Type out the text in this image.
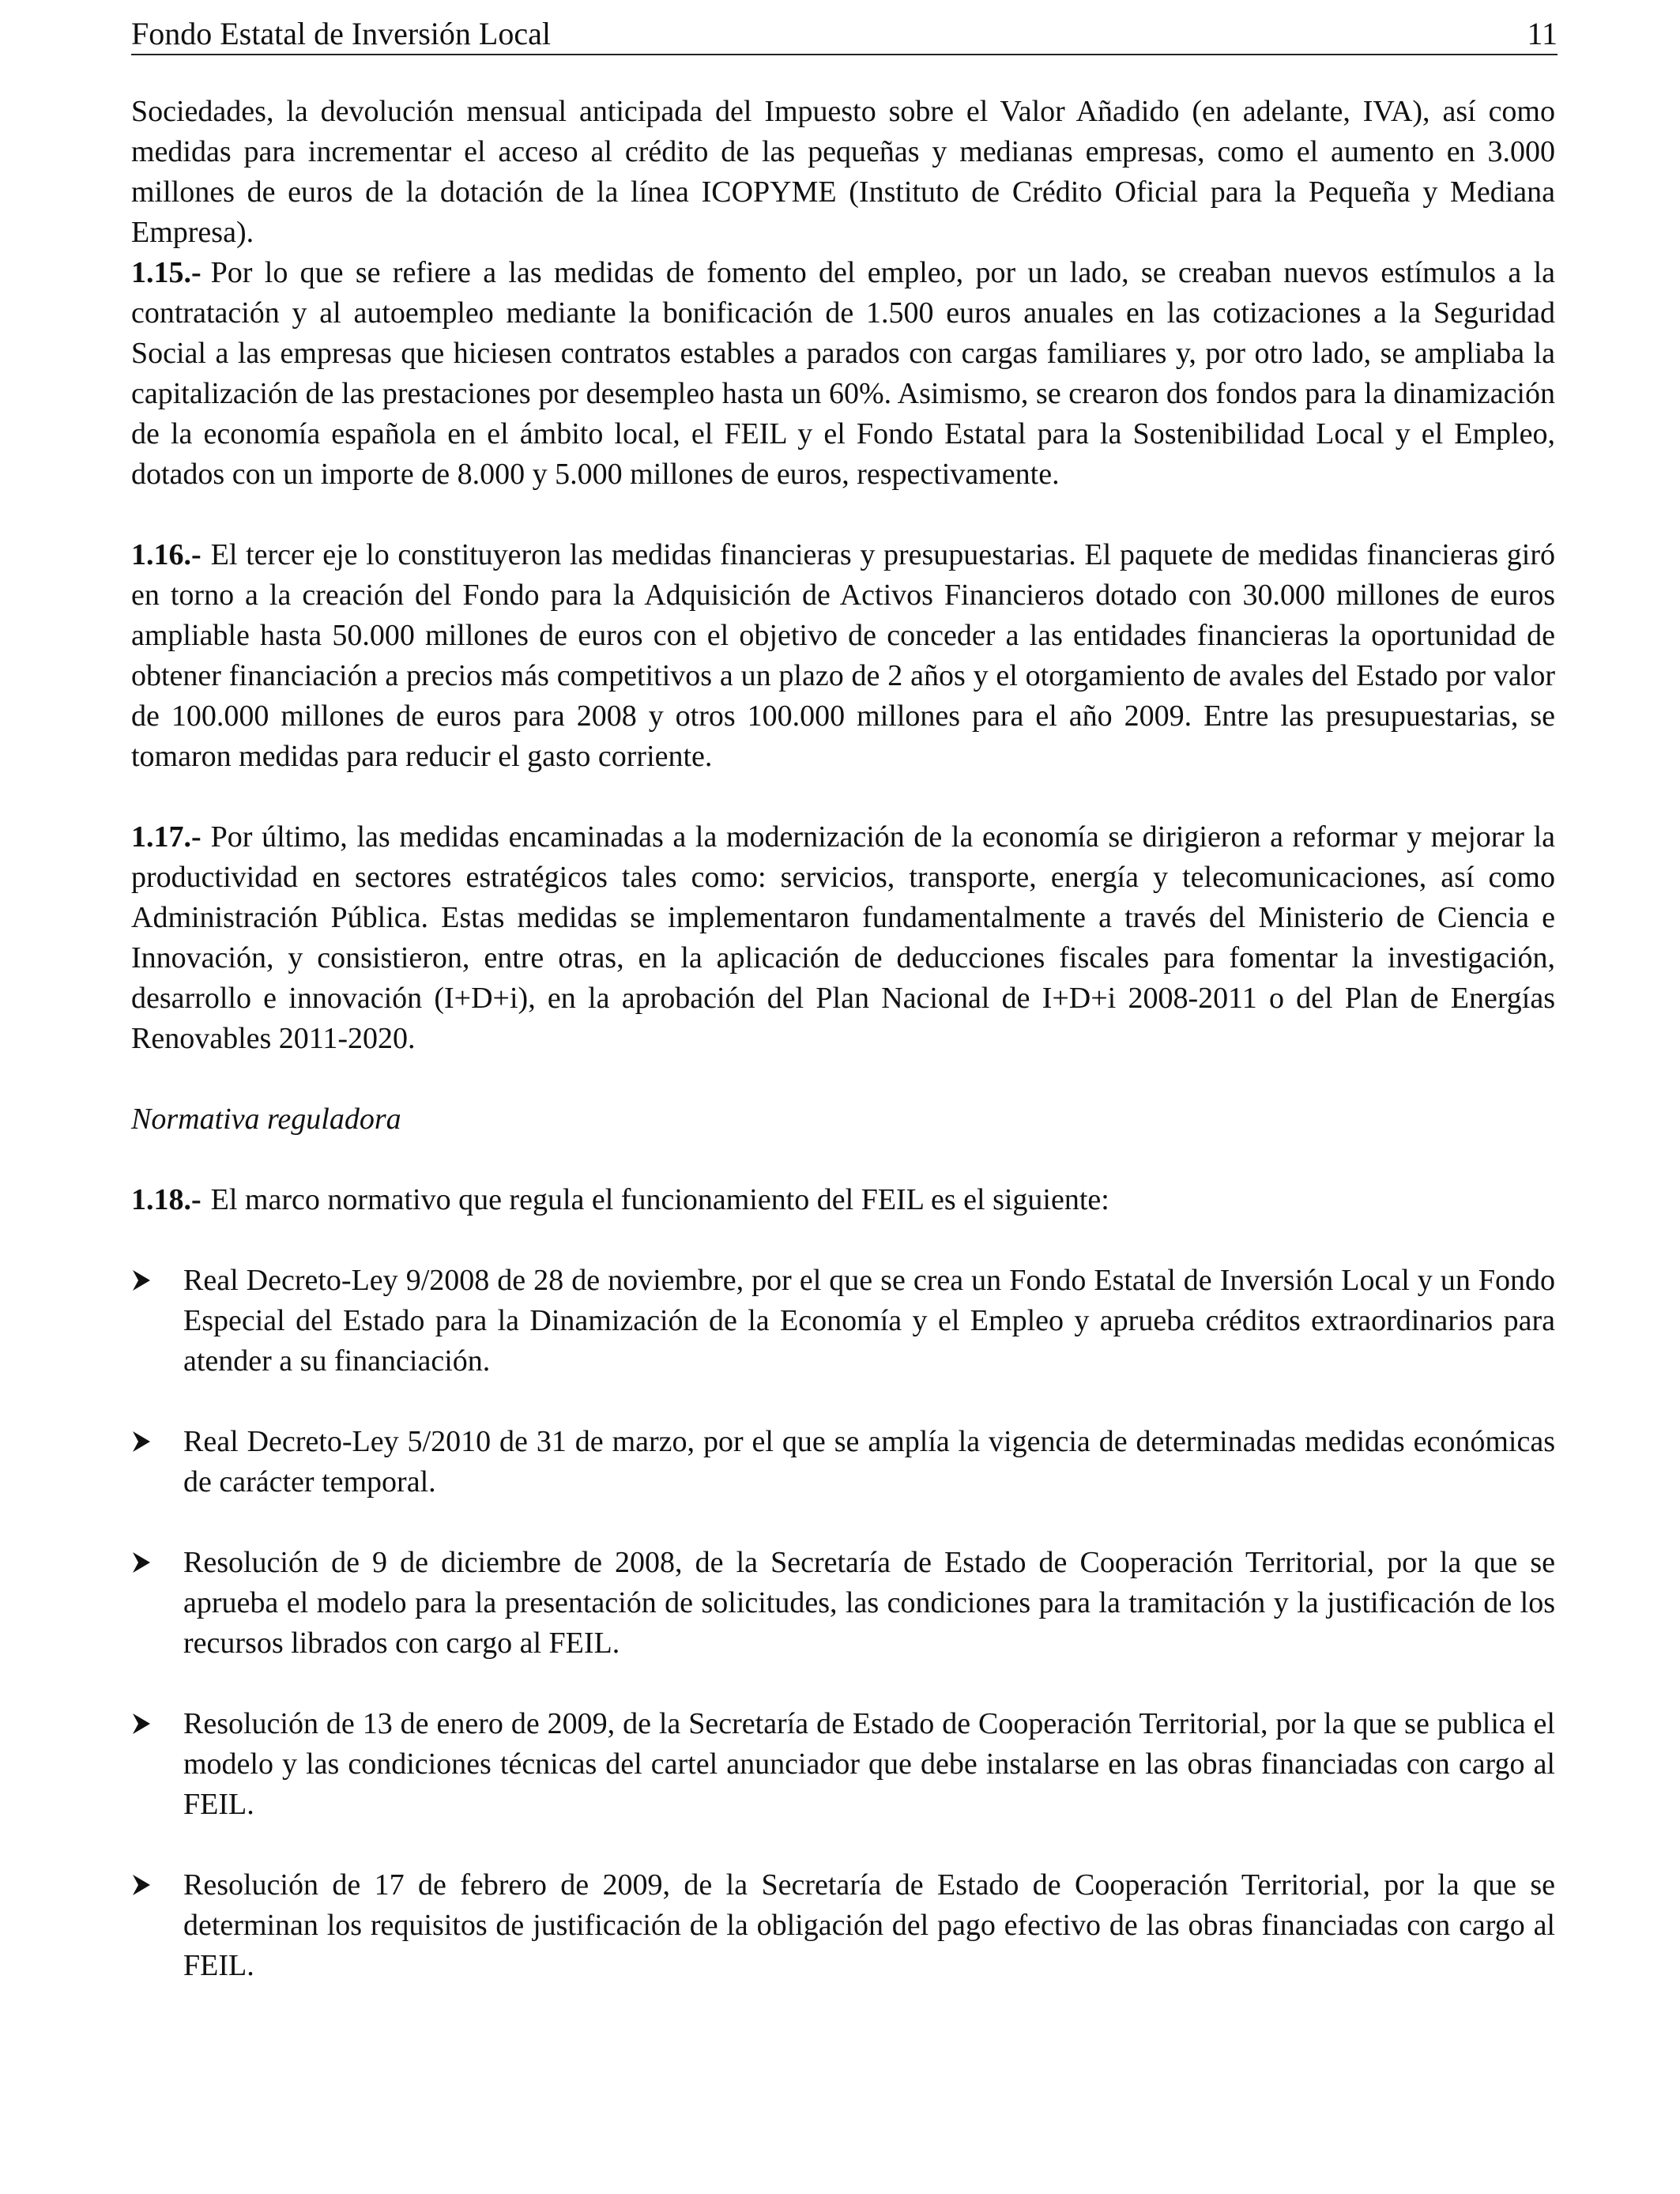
Fondo Estatal de Inversión Local	11

Sociedades, la devolución mensual anticipada del Impuesto sobre el Valor Añadido (en adelante, IVA), así como medidas para incrementar el acceso al crédito de las pequeñas y medianas empresas, como el aumento en 3.000 millones de euros de la dotación de la línea ICOPYME (Instituto de Crédito Oficial para la Pequeña y Mediana Empresa).

1.15.- Por lo que se refiere a las medidas de fomento del empleo, por un lado, se creaban nuevos estímulos a la contratación y al autoempleo mediante la bonificación de 1.500 euros anuales en las cotizaciones a la Seguridad Social a las empresas que hiciesen contratos estables a parados con cargas familiares y, por otro lado, se ampliaba la capitalización de las prestaciones por desempleo hasta un 60%. Asimismo, se crearon dos fondos para la dinamización de la economía española en el ámbito local, el FEIL y el Fondo Estatal para la Sostenibilidad Local y el Empleo, dotados con un importe de 8.000 y 5.000 millones de euros, respectivamente.

1.16.- El tercer eje lo constituyeron las medidas financieras y presupuestarias. El paquete de medidas financieras giró en torno a la creación del Fondo para la Adquisición de Activos Financieros dotado con 30.000 millones de euros ampliable hasta 50.000 millones de euros con el objetivo de conceder a las entidades financieras la oportunidad de obtener financiación a precios más competitivos a un plazo de 2 años y el otorgamiento de avales del Estado por valor de 100.000 millones de euros para 2008 y otros 100.000 millones para el año 2009. Entre las presupuestarias, se tomaron medidas para reducir el gasto corriente.

1.17.- Por último, las medidas encaminadas a la modernización de la economía se dirigieron a reformar y mejorar la productividad en sectores estratégicos tales como: servicios, transporte, energía y telecomunicaciones, así como Administración Pública. Estas medidas se implementaron fundamentalmente a través del Ministerio de Ciencia e Innovación, y consistieron, entre otras, en la aplicación de deducciones fiscales para fomentar la investigación, desarrollo e innovación (I+D+i), en la aprobación del Plan Nacional de I+D+i 2008-2011 o del Plan de Energías Renovables 2011-2020.

Normativa reguladora

1.18.- El marco normativo que regula el funcionamiento del FEIL es el siguiente:

Real Decreto-Ley 9/2008 de 28 de noviembre, por el que se crea un Fondo Estatal de Inversión Local y un Fondo Especial del Estado para la Dinamización de la Economía y el Empleo y aprueba créditos extraordinarios para atender a su financiación.
Real Decreto-Ley 5/2010 de 31 de marzo, por el que se amplía la vigencia de determinadas medidas económicas de carácter temporal.
Resolución de 9 de diciembre de 2008, de la Secretaría de Estado de Cooperación Territorial, por la que se aprueba el modelo para la presentación de solicitudes, las condiciones para la tramitación y la justificación de los recursos librados con cargo al FEIL.
Resolución de 13 de enero de 2009, de la Secretaría de Estado de Cooperación Territorial, por la que se publica el modelo y las condiciones técnicas del cartel anunciador que debe instalarse en las obras financiadas con cargo al FEIL.
Resolución de 17 de febrero de 2009, de la Secretaría de Estado de Cooperación Territorial, por la que se determinan los requisitos de justificación de la obligación del pago efectivo de las obras financiadas con cargo al FEIL.
